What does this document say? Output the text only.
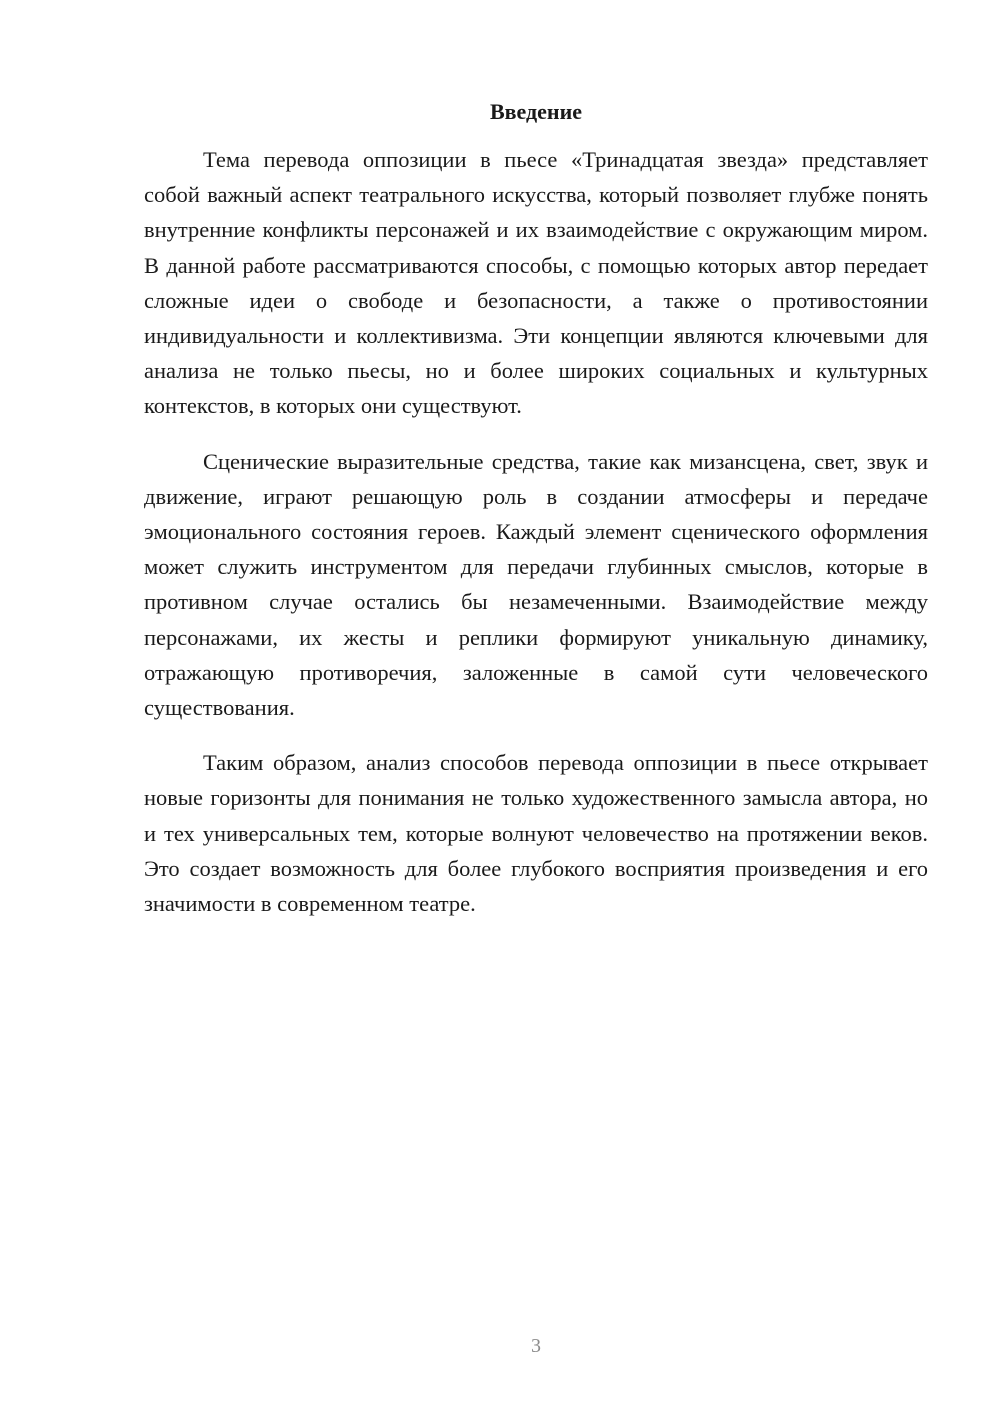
Введение

Тема перевода оппозиции в пьесе «Тринадцатая звезда» представляет собой важный аспект театрального искусства, который позволяет глубже понять внутренние конфликты персонажей и их взаимодействие с окружающим миром. В данной работе рассматриваются способы, с помощью которых автор передает сложные идеи о свободе и безопасности, а также о противостоянии индивидуальности и коллективизма. Эти концепции являются ключевыми для анализа не только пьесы, но и более широких социальных и культурных контекстов, в которых они существуют.

Сценические выразительные средства, такие как мизансцена, свет, звук и движение, играют решающую роль в создании атмосферы и передаче эмоционального состояния героев. Каждый элемент сценического оформления может служить инструментом для передачи глубинных смыслов, которые в противном случае остались бы незамеченными. Взаимодействие между персонажами, их жесты и реплики формируют уникальную динамику, отражающую противоречия, заложенные в самой сути человеческого существования.

Таким образом, анализ способов перевода оппозиции в пьесе открывает новые горизонты для понимания не только художественного замысла автора, но и тех универсальных тем, которые волнуют человечество на протяжении веков. Это создает возможность для более глубокого восприятия произведения и его значимости в современном театре.

3
